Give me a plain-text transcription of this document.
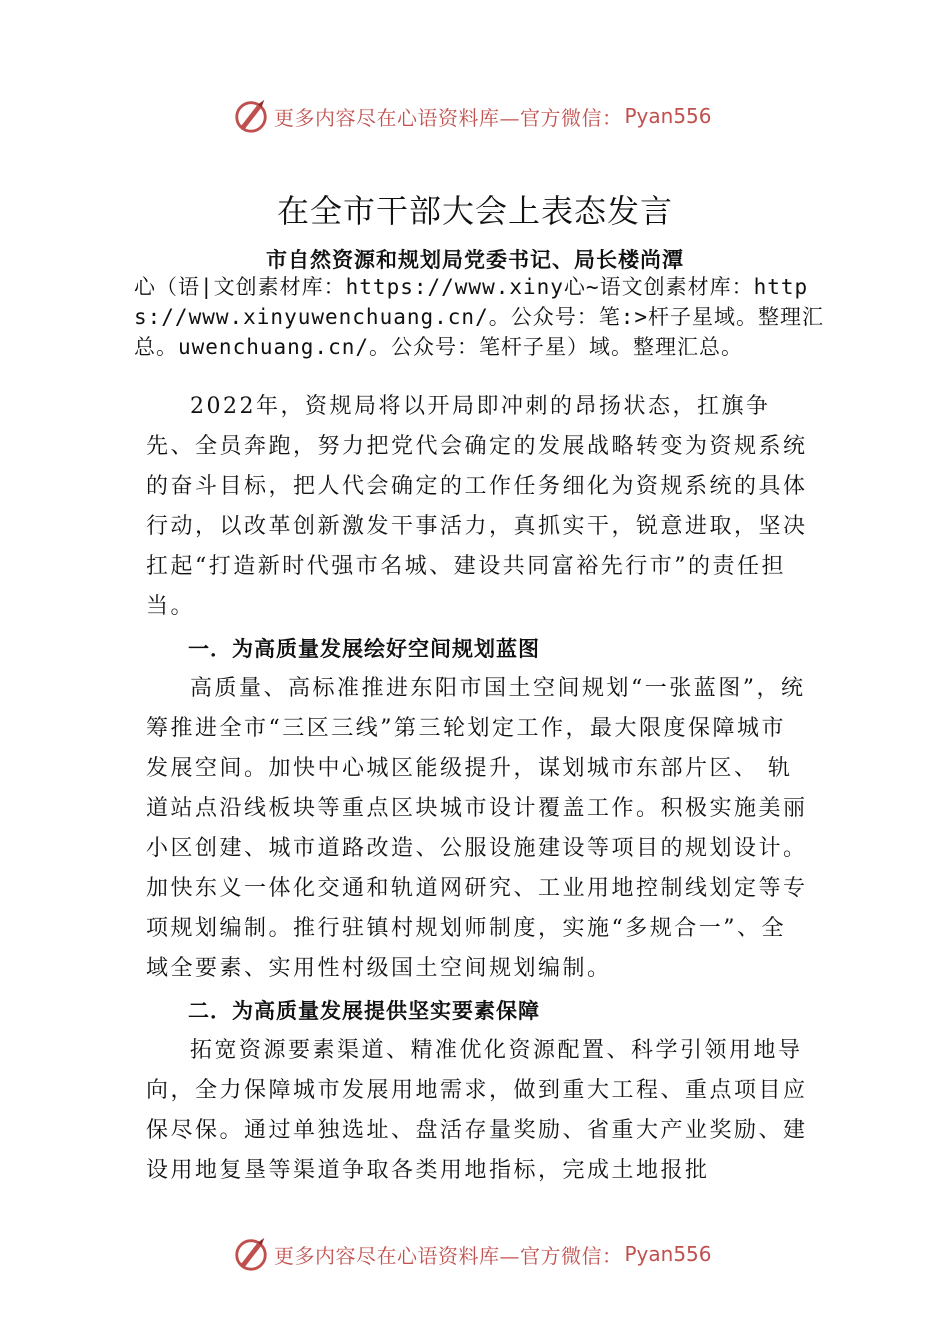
更多内容尽在心语资料库—官方微信： Pyan556
在全市干部大会上表态发言
市自然资源和规划局党委书记、局长楼尚潭
心（语|文创素材库：https://www.xiny心~语文创素材库：https://www.xinyuwenchuang.cn/。公众号：笔:>杆子星域。整理汇总。uwenchuang.cn/。公众号：笔杆子星）域。整理汇总。

2022年，资规局将以开局即冲刺的昂扬状态，扛旗争先、全员奔跑，努力把党代会确定的发展战略转变为资规系统的奋斗目标，把人代会确定的工作任务细化为资规系统的具体行动，以改革创新激发干事活力，真抓实干，锐意进取，坚决扛起“打造新时代强市名城、建设共同富裕先行市”的责任担当。

一．为高质量发展绘好空间规划蓝图

高质量、高标准推进东阳市国土空间规划“一张蓝图”，统筹推进全市“三区三线”第三轮划定工作，最大限度保障城市发展空间。加快中心城区能级提升，谋划城市东部片区、 轨道站点沿线板块等重点区块城市设计覆盖工作。积极实施美丽小区创建、城市道路改造、公服设施建设等项目的规划设计。加快东义一体化交通和轨道网研究、工业用地控制线划定等专项规划编制。推行驻镇村规划师制度，实施“多规合一”、全域全要素、实用性村级国土空间规划编制。

二．为高质量发展提供坚实要素保障

拓宽资源要素渠道、精准优化资源配置、科学引领用地导向，全力保障城市发展用地需求，做到重大工程、重点项目应保尽保。通过单独选址、盘活存量奖励、省重大产业奖励、建设用地复垦等渠道争取各类用地指标，完成土地报批

更多内容尽在心语资料库—官方微信： Pyan556
